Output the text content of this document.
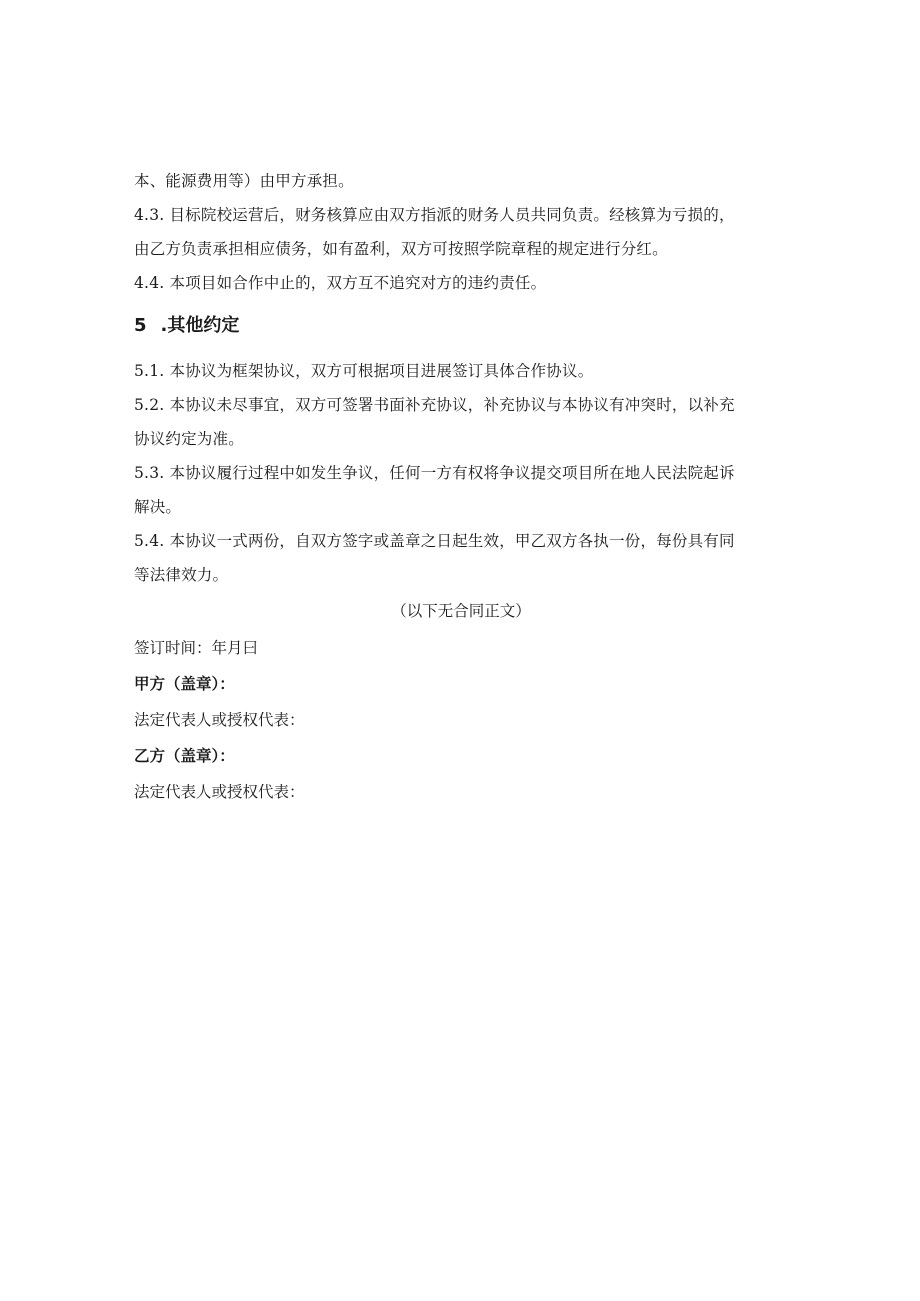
本、能源费用等）由甲方承担。

4.3. 目标院校运营后，财务核算应由双方指派的财务人员共同负责。经核算为亏损的，

由乙方负责承担相应债务，如有盈利，双方可按照学院章程的规定进行分红。

4.4. 本项目如合作中止的，双方互不追究对方的违约责任。

5 .其他约定

5.1. 本协议为框架协议，双方可根据项目进展签订具体合作协议。

5.2. 本协议未尽事宜，双方可签署书面补充协议，补充协议与本协议有冲突时，以补充

协议约定为准。

5.3. 本协议履行过程中如发生争议，任何一方有权将争议提交项目所在地人民法院起诉

解决。

5.4. 本协议一式两份，自双方签字或盖章之日起生效，甲乙双方各执一份，每份具有同

等法律效力。

（以下无合同正文）

签订时间：年月曰

甲方（盖章）：

法定代表人或授权代表：

乙方（盖章）：

法定代表人或授权代表：
